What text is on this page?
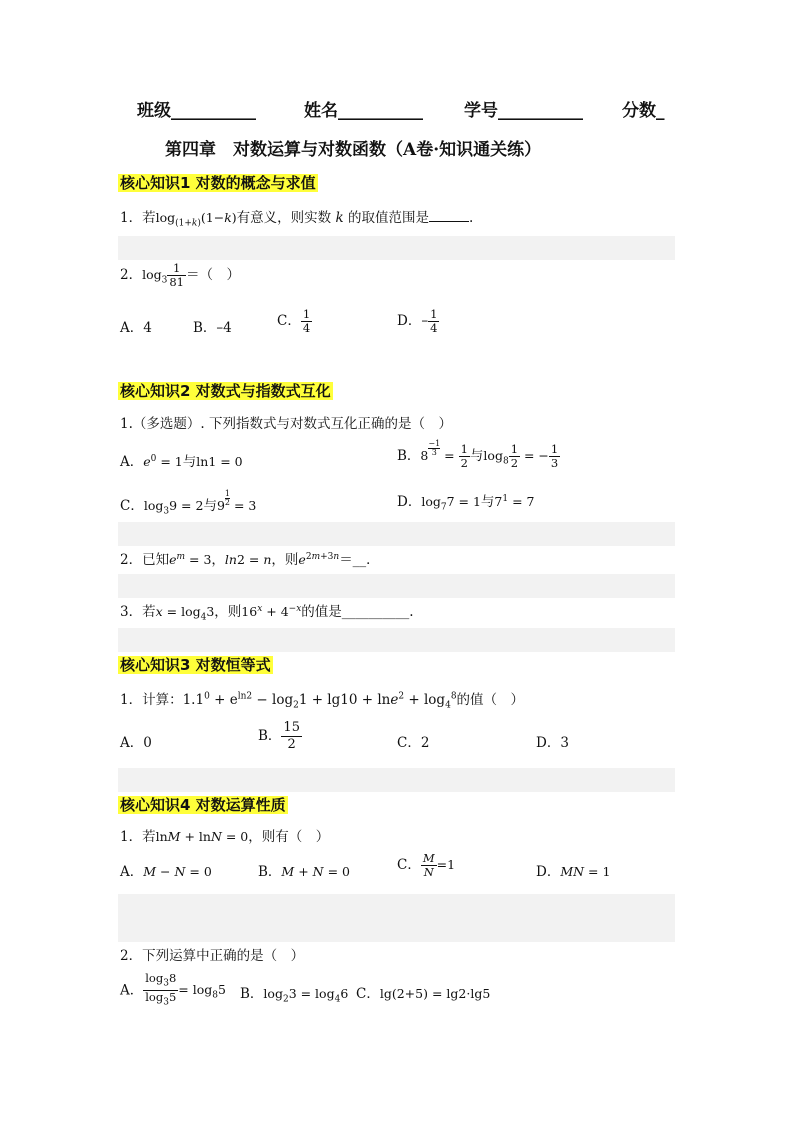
班级__________	姓名__________ 学号__________ 分数_
第四章　对数运算与对数函数（A卷·知识通关练）
核心知识1 对数的概念与求值
1．若$\log_{(1+k)}(1-k)$有意义，则实数 k 的取值范围是	.
2．$\log_3 \frac{1}{81}$ ＝（　）
A．4	B．–4	C． $\frac{1}{4}$	D．– $\frac{1}{4}$
核心知识2 对数式与指数式互化
1.（多选题）. 下列指数式与对数式互化正确的是（　）
A．$e^0 = 1$与ln1 = 0	B．$8 \frac{-1}{3} = \frac{1}{2}$ 与$\log_8 \frac{1}{2}$ = − $\frac{1}{3}$
C．$\log_39 = 2$与$9 \frac{1}{2} = 3$	D．$\log_77 = 1$与$7^1 = 7$
2．已知$e^m = 3$，ln2 = n，则$e^{2m+3n}=\_\_$．
3．若$x = \log_43$，则$16^x + 4^{-x}$的值是__________.
核心知识3 对数恒等式
1．计算：$1.1^0 + e^{ln2} - \log_21 + \lg 10 + \ln e^2 + \log_4^8$的值（　）
A．0	B． $\frac{15}{2}$	C．2	D．3
核心知识4 对数运算性质
1．若lnM + lnN = 0，则有（　）
A．M − N = 0	B．M + N = 0	C． $\frac{M}{N} =1$	D．MN = 1
2．下列运算中正确的是（　）
A． $\frac{\log_38}{\log_35} = \log_85$ B．$\log_23 = \log_46$ C．lg(2+5) = lg2·lg5
